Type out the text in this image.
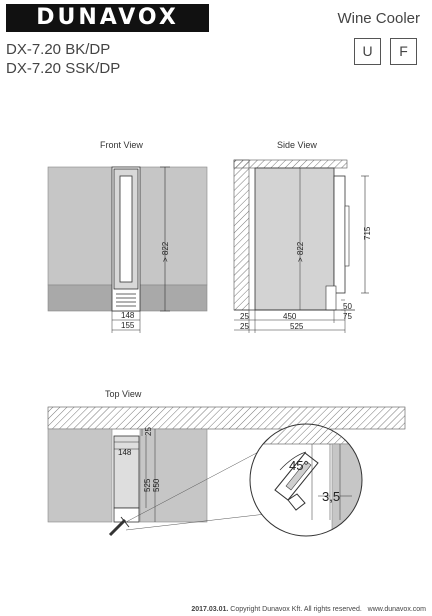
DUNAVOX	Wine Cooler
DX-7.20 BK/DP
DX-7.20 SSK/DP
U	F
Front View	Side View
Top View
148
155
> 822	> 822
715
50
25	450	75
25	525
148
25
525 550
45°
3,5
2017.03.01. Copyright Dunavox Kft. All rights reserved. www.dunavox.com
